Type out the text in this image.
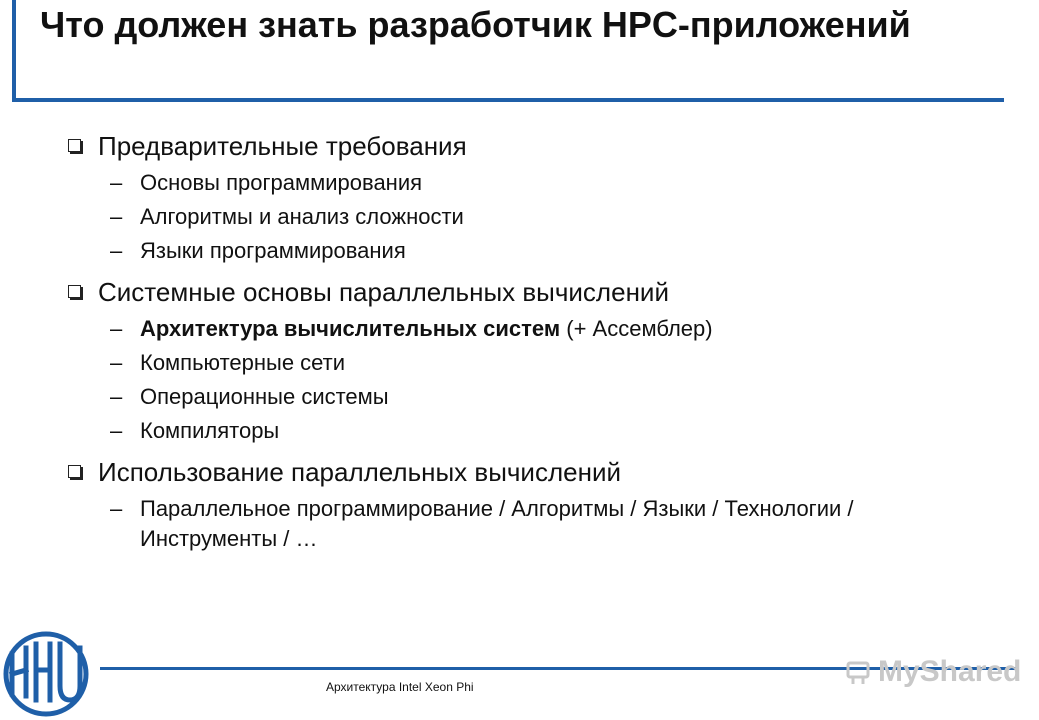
Что должен знать разработчик HPC-приложений
Предварительные требования
– Основы программирования
– Алгоритмы и анализ сложности
– Языки программирования
Системные основы параллельных вычислений
– Архитектура вычислительных систем (+ Ассемблер)
– Компьютерные сети
– Операционные системы
– Компиляторы
Использование параллельных вычислений
– Параллельное программирование / Алгоритмы / Языки / Технологии / Инструменты / …
Архитектура Intel Xeon Phi	MyShared
